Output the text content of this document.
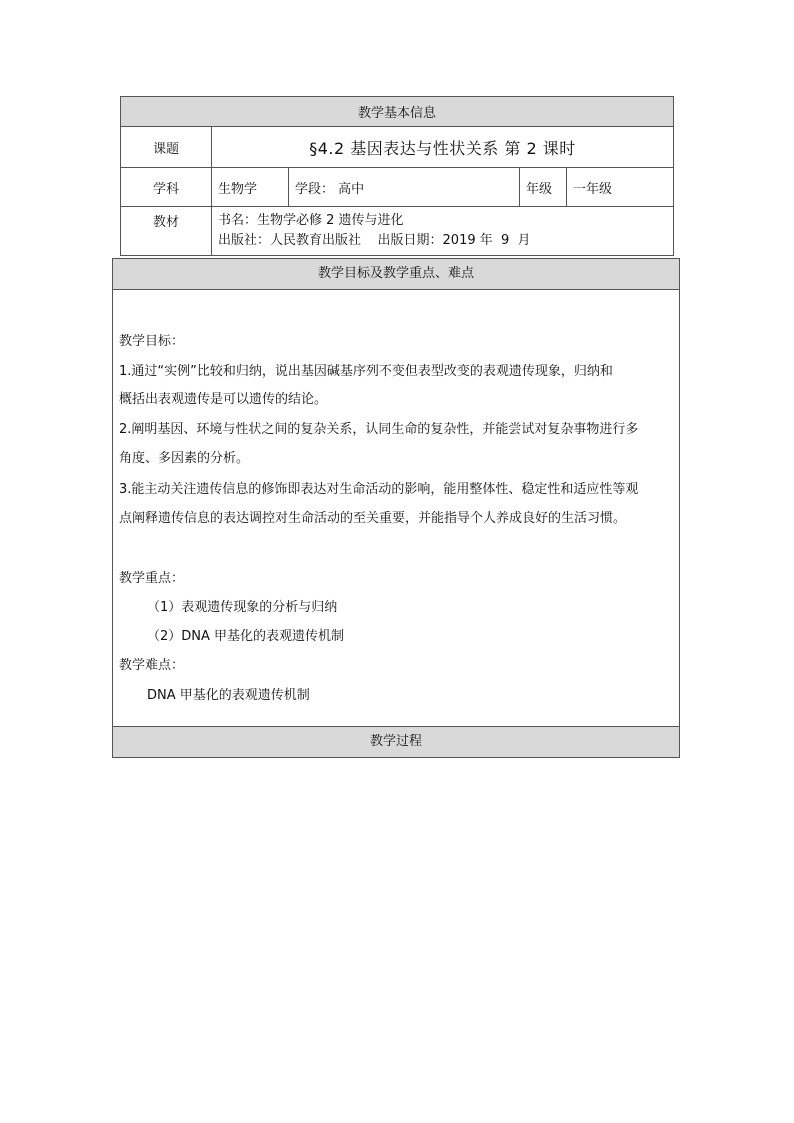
教学基本信息				
课题	§4.2 基因表达与性状关系 第 2 课时			
学科	生物学	学段： 高中	年级	一年级
教材	书名：生物学必修 2 遗传与进化
出版社：人民教育出版社    出版日期：2019 年  9  月			
教学目标及教学重点、难点
教学目标：
1.通过“实例”比较和归纳，说出基因碱基序列不变但表型改变的表观遗传现象，归纳和
概括出表观遗传是可以遗传的结论。
2.阐明基因、环境与性状之间的复杂关系，认同生命的复杂性，并能尝试对复杂事物进行多
角度、多因素的分析。
3.能主动关注遗传信息的修饰即表达对生命活动的影响，能用整体性、稳定性和适应性等观
点阐释遗传信息的表达调控对生命活动的至关重要，并能指导个人养成良好的生活习惯。
教学重点：
（1）表观遗传现象的分析与归纳
（2）DNA 甲基化的表观遗传机制
教学难点：
DNA 甲基化的表观遗传机制
教学过程
